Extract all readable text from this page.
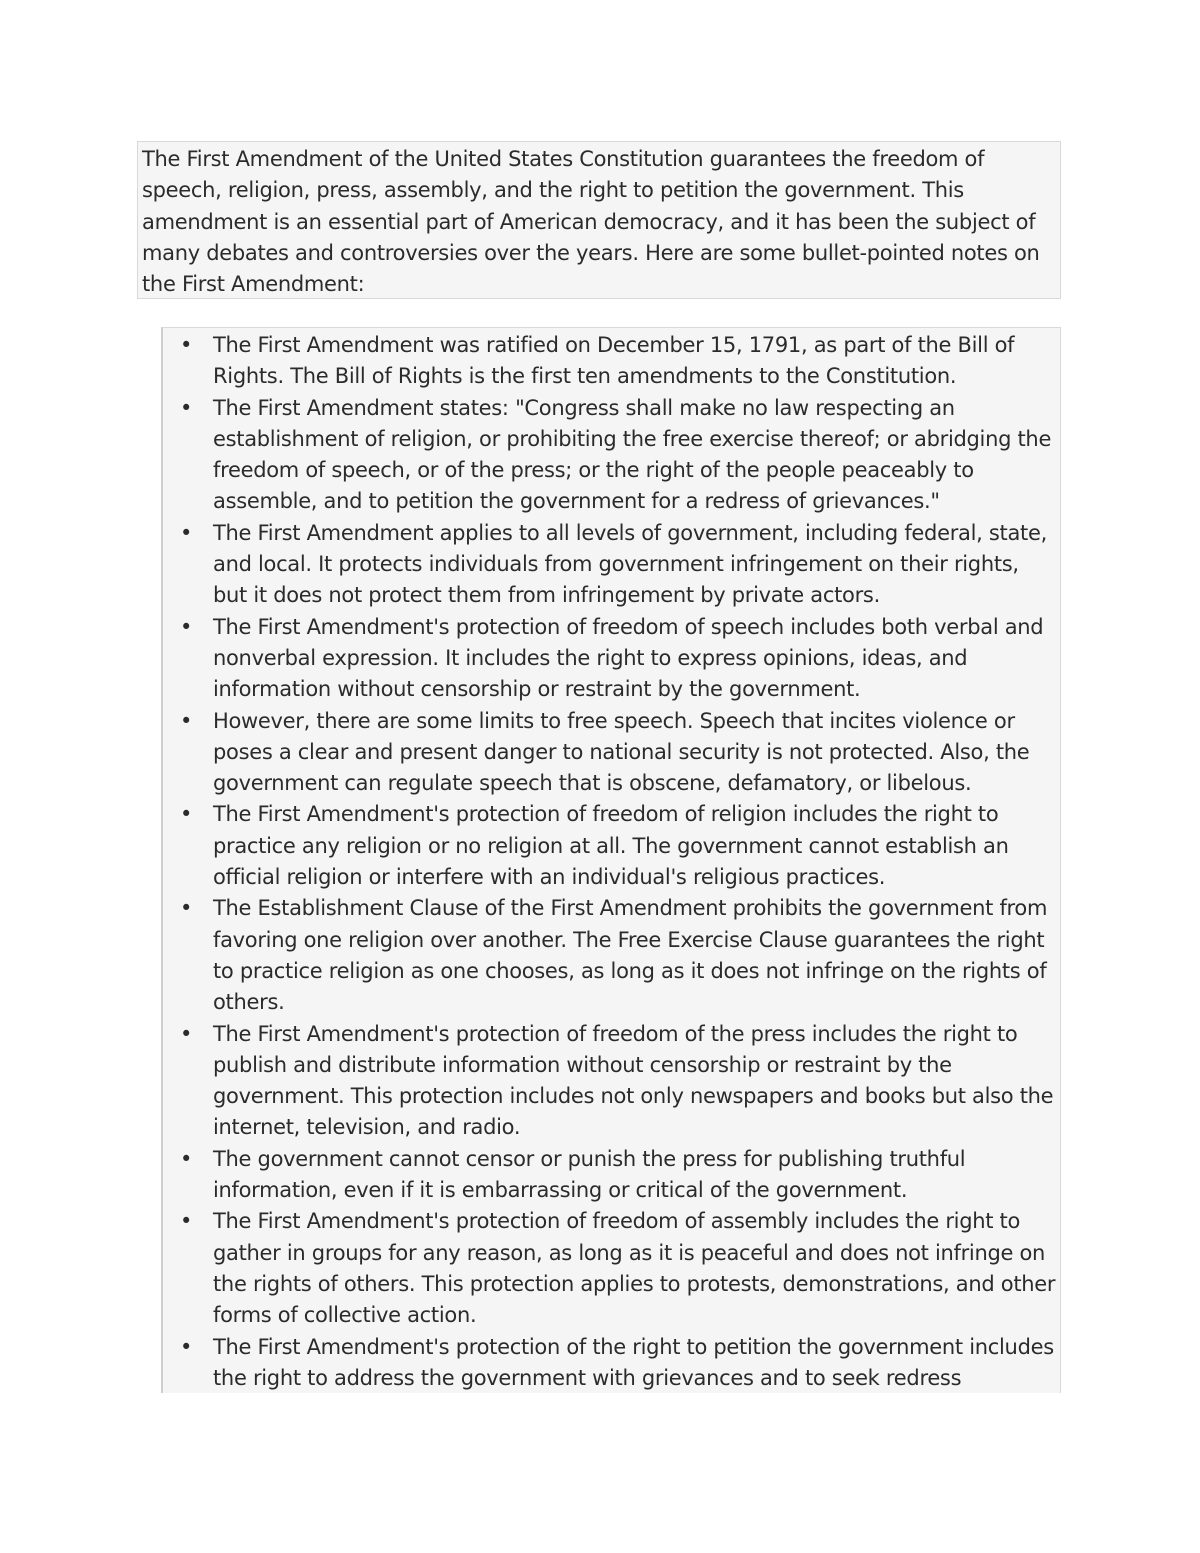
The First Amendment of the United States Constitution guarantees the freedom of speech, religion, press, assembly, and the right to petition the government. This amendment is an essential part of American democracy, and it has been the subject of many debates and controversies over the years. Here are some bullet-pointed notes on the First Amendment:
• The First Amendment was ratified on December 15, 1791, as part of the Bill of Rights. The Bill of Rights is the first ten amendments to the Constitution.
• The First Amendment states: "Congress shall make no law respecting an establishment of religion, or prohibiting the free exercise thereof; or abridging the freedom of speech, or of the press; or the right of the people peaceably to assemble, and to petition the government for a redress of grievances."
• The First Amendment applies to all levels of government, including federal, state, and local. It protects individuals from government infringement on their rights, but it does not protect them from infringement by private actors.
• The First Amendment's protection of freedom of speech includes both verbal and nonverbal expression. It includes the right to express opinions, ideas, and information without censorship or restraint by the government.
• However, there are some limits to free speech. Speech that incites violence or poses a clear and present danger to national security is not protected. Also, the government can regulate speech that is obscene, defamatory, or libelous.
• The First Amendment's protection of freedom of religion includes the right to practice any religion or no religion at all. The government cannot establish an official religion or interfere with an individual's religious practices.
• The Establishment Clause of the First Amendment prohibits the government from favoring one religion over another. The Free Exercise Clause guarantees the right to practice religion as one chooses, as long as it does not infringe on the rights of others.
• The First Amendment's protection of freedom of the press includes the right to publish and distribute information without censorship or restraint by the government. This protection includes not only newspapers and books but also the internet, television, and radio.
• The government cannot censor or punish the press for publishing truthful information, even if it is embarrassing or critical of the government.
• The First Amendment's protection of freedom of assembly includes the right to gather in groups for any reason, as long as it is peaceful and does not infringe on the rights of others. This protection applies to protests, demonstrations, and other forms of collective action.
• The First Amendment's protection of the right to petition the government includes the right to address the government with grievances and to seek redress
